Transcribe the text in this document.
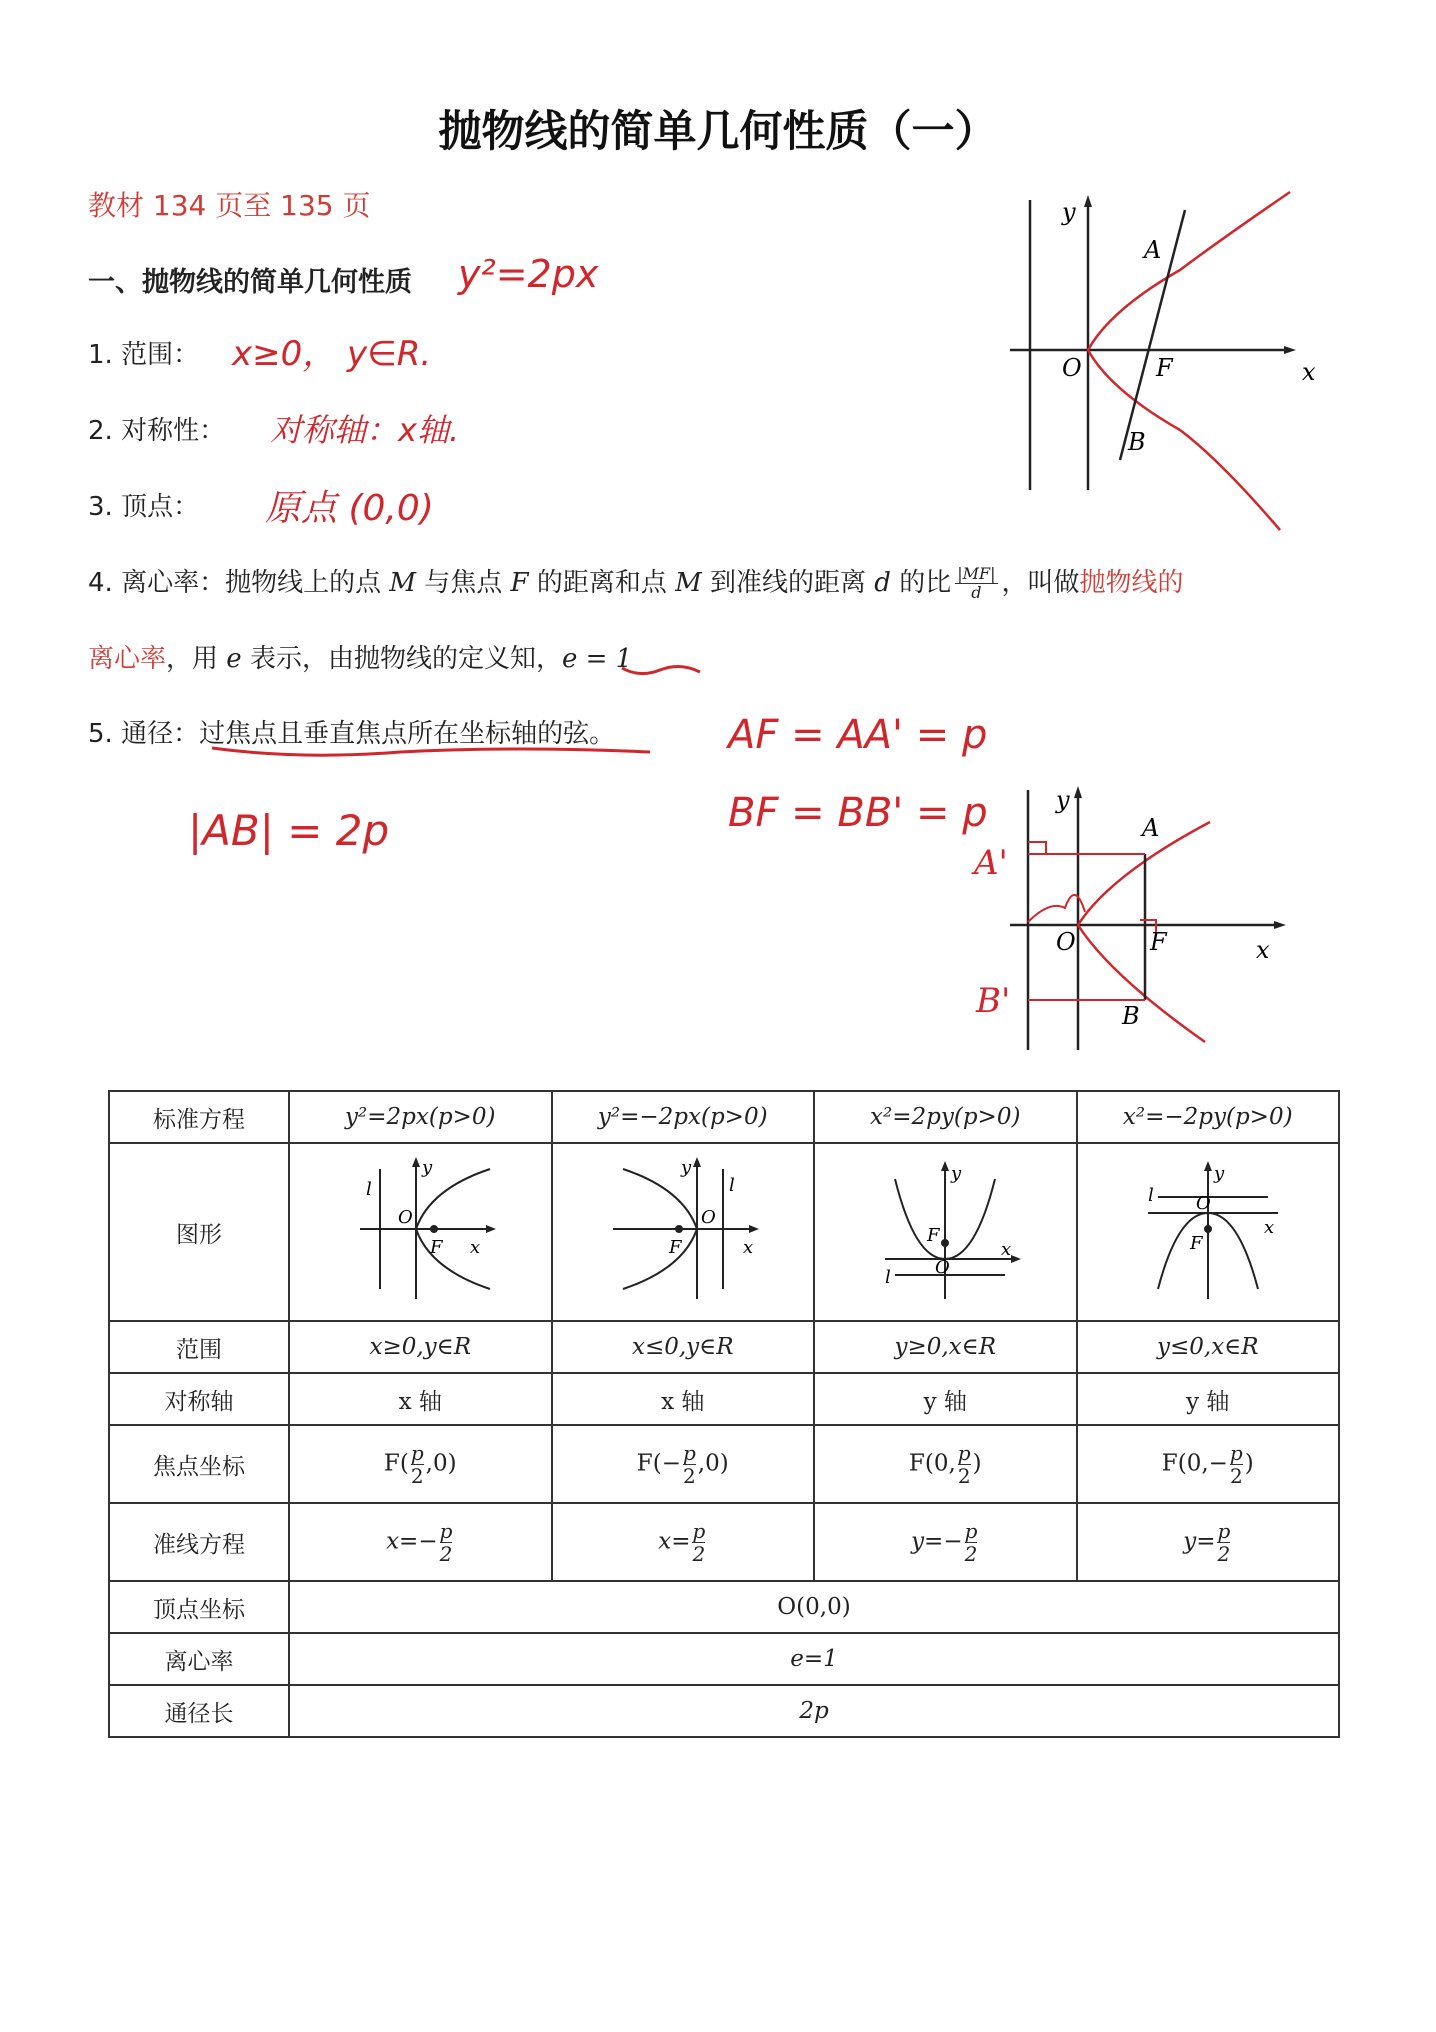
抛物线的简单几何性质（一）
教材 134 页至 135 页
一、抛物线的简单几何性质 y²=2px
1. 范围： x≥0， y∈R.
2. 对称性： 对称轴：x轴.
3. 顶点： 原点 (0,0)
4. 离心率：抛物线上的点 M 与焦点 F 的距离和点 M 到准线的距离 d 的比 $\frac{|MF|}{d}$ ，叫做抛物线的
离心率，用 e 表示，由抛物线的定义知，e = 1
5. 通径：过焦点且垂直焦点所在坐标轴的弦。	AF = AA' = p
BF = BB' = p
|AB| = 2p
y
x
O	F
A
B
y
x
O	F
A
B
A'
B'
标准方程	y²=2px(p>0)	y²=−2px(p>0)	x²=2py(p>0)	x²=−2py(p>0)
图形	l
y
O
F x	l
y
O
F x	y
F
O
x
l	y
l O
F
x

范围	x≥0,y∈R	x≤0,y∈R	y≥0,x∈R	y≤0,x∈R
对称轴	x 轴	x 轴	y 轴	y 轴
焦点坐标	$F( \frac{p}{2} ,0)$	$F(- \frac{p}{2} ,0)$	F(0, $\frac{p}{2}$ )	$F(0,- \frac{p}{2}$ )
准线方程	$x=- \frac{p}{2}$	$x= \frac{p}{2}$	$y=- \frac{p}{2}$	$y= \frac{p}{2}$

顶点坐标	O(0,0)			
离心率	e=1			
通径长	2p			
